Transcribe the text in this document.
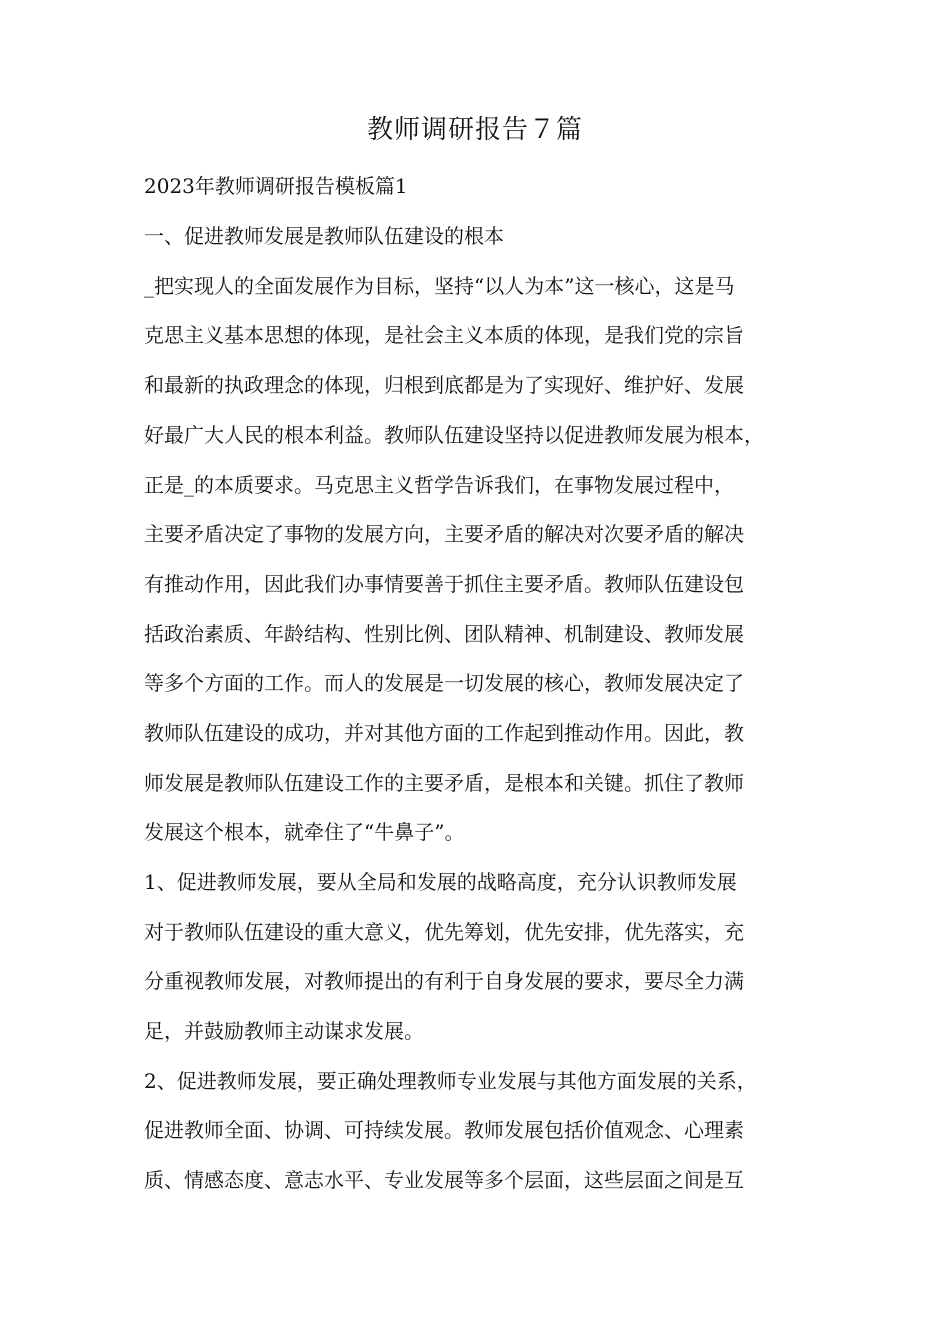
教师调研报告７篇
2023年教师调研报告模板篇1
一、促进教师发展是教师队伍建设的根本
_把实现人的全面发展作为目标，坚持“以人为本”这一核心，这是马
克思主义基本思想的体现，是社会主义本质的体现，是我们党的宗旨
和最新的执政理念的体现，归根到底都是为了实现好、维护好、发展
好最广大人民的根本利益。教师队伍建设坚持以促进教师发展为根本，
正是_的本质要求。马克思主义哲学告诉我们，在事物发展过程中，
主要矛盾决定了事物的发展方向，主要矛盾的解决对次要矛盾的解决
有推动作用，因此我们办事情要善于抓住主要矛盾。教师队伍建设包
括政治素质、年龄结构、性别比例、团队精神、机制建设、教师发展
等多个方面的工作。而人的发展是一切发展的核心，教师发展决定了
教师队伍建设的成功，并对其他方面的工作起到推动作用。因此，教
师发展是教师队伍建设工作的主要矛盾，是根本和关键。抓住了教师
发展这个根本，就牵住了“牛鼻子”。
1、促进教师发展，要从全局和发展的战略高度，充分认识教师发展
对于教师队伍建设的重大意义，优先筹划，优先安排，优先落实，充
分重视教师发展，对教师提出的有利于自身发展的要求，要尽全力满
足，并鼓励教师主动谋求发展。
2、促进教师发展，要正确处理教师专业发展与其他方面发展的关系，
促进教师全面、协调、可持续发展。教师发展包括价值观念、心理素
质、情感态度、意志水平、专业发展等多个层面，这些层面之间是互
